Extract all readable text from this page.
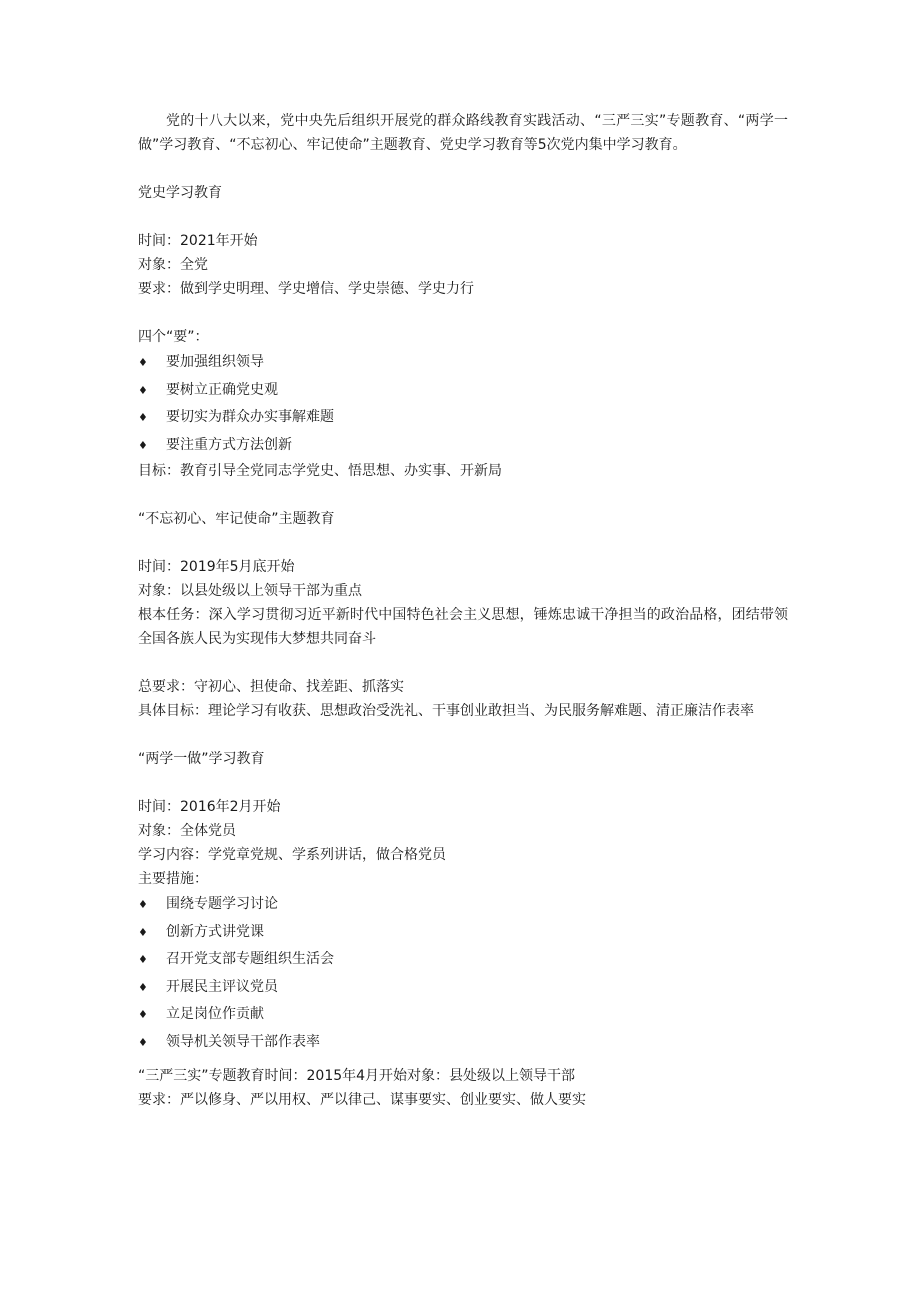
党的十八大以来，党中央先后组织开展党的群众路线教育实践活动、“三严三实”专题教育、“两学一做”学习教育、“不忘初心、牢记使命”主题教育、党史学习教育等5次党内集中学习教育。

党史学习教育

时间：2021年开始

对象：全党

要求：做到学史明理、学史增信、学史崇德、学史力行

四个“要”：

♦ 要加强组织领导
♦ 要树立正确党史观
♦ 要切实为群众办实事解难题
♦ 要注重方式方法创新

目标：教育引导全党同志学党史、悟思想、办实事、开新局

“不忘初心、牢记使命”主题教育

时间：2019年5月底开始

对象：以县处级以上领导干部为重点

根本任务：深入学习贯彻习近平新时代中国特色社会主义思想，锤炼忠诚干净担当的政治品格，团结带领全国各族人民为实现伟大梦想共同奋斗

总要求：守初心、担使命、找差距、抓落实

具体目标：理论学习有收获、思想政治受洗礼、干事创业敢担当、为民服务解难题、清正廉洁作表率

“两学一做”学习教育

时间：2016年2月开始

对象：全体党员

学习内容：学党章党规、学系列讲话，做合格党员

主要措施：

♦ 围绕专题学习讨论
♦ 创新方式讲党课
♦ 召开党支部专题组织生活会
♦ 开展民主评议党员
♦ 立足岗位作贡献
♦ 领导机关领导干部作表率

“三严三实”专题教育时间：2015年4月开始对象：县处级以上领导干部

要求：严以修身、严以用权、严以律己、谋事要实、创业要实、做人要实
